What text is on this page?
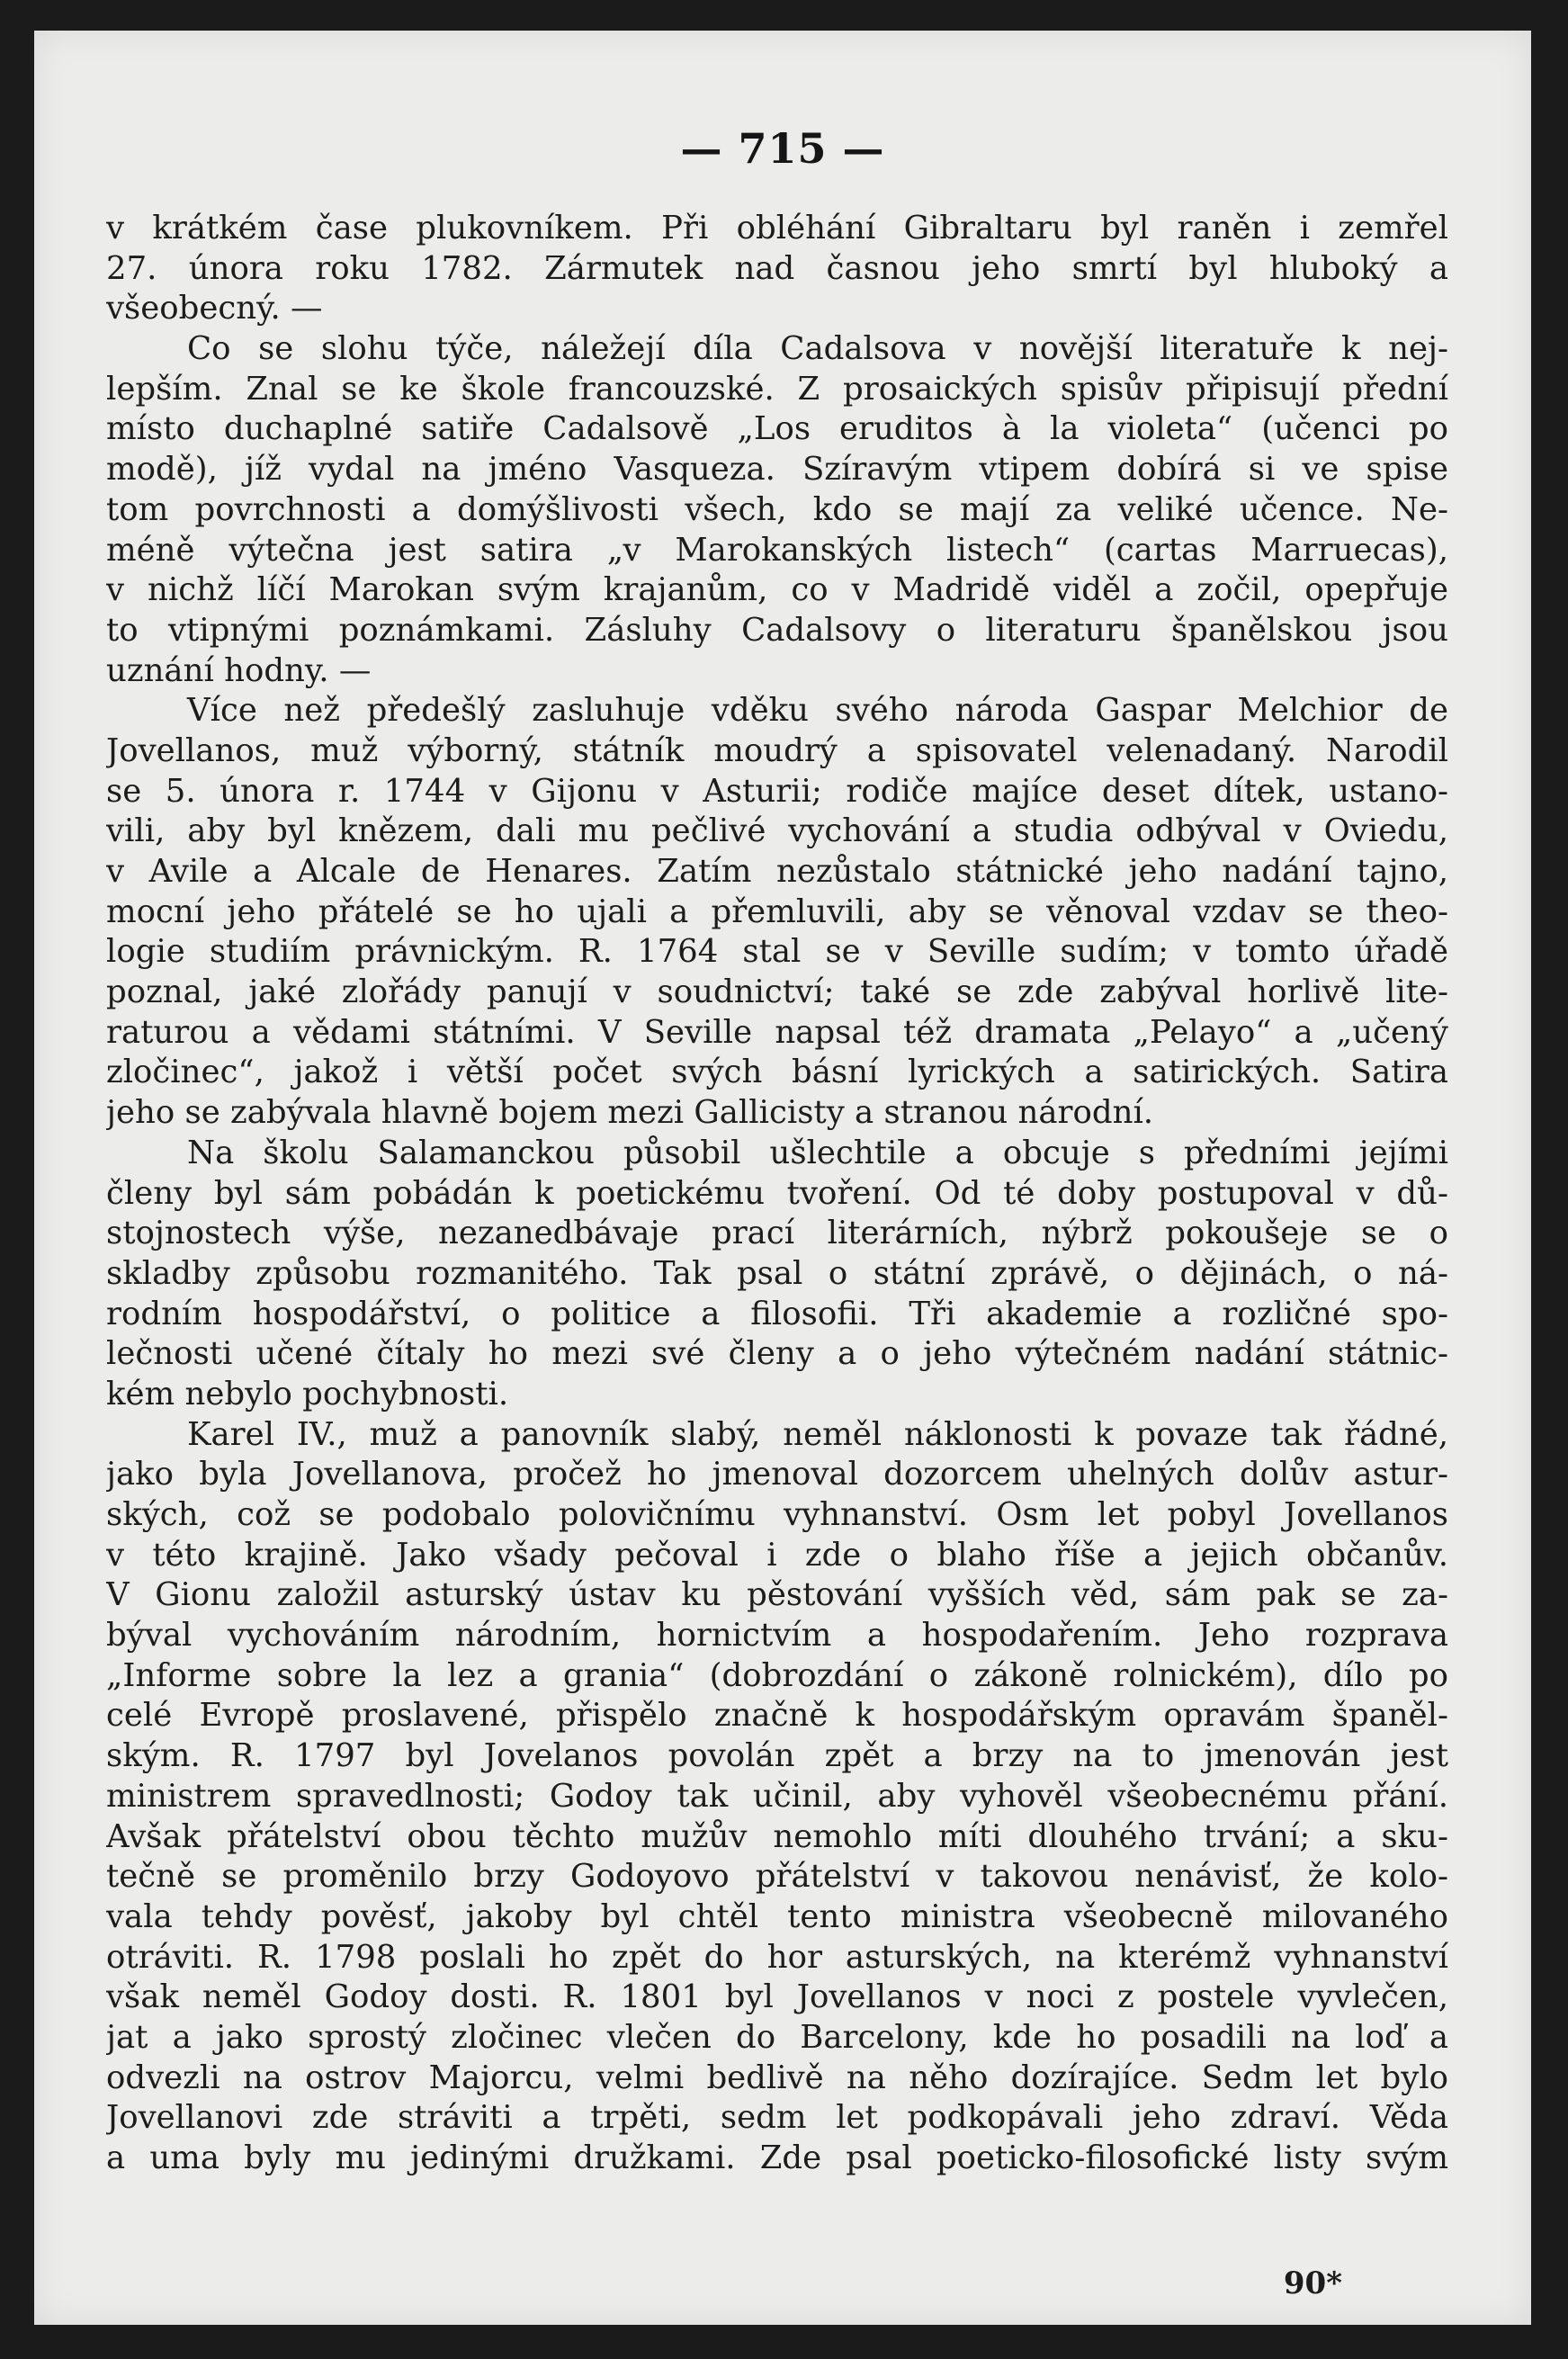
— 715 —
v krátkém čase plukovníkem. Při obléhání Gibraltaru byl raněn i zemřel
27. února roku 1782. Zármutek nad časnou jeho smrtí byl hluboký a
všeobecný. —
Co se slohu týče, náležejí díla Cadalsova v novější literatuře k nej-
lepším. Znal se ke škole francouzské. Z prosaických spisův připisují přední
místo duchaplné satiře Cadalsově „Los eruditos à la violeta“ (učenci po
modě), jíž vydal na jméno Vasqueza. Szíravým vtipem dobírá si ve spise
tom povrchnosti a domýšlivosti všech, kdo se mají za veliké učence. Ne-
méně výtečna jest satira „v Marokanských listech“ (cartas Marruecas),
v nichž líčí Marokan svým krajanům, co v Madridě viděl a zočil, opepřuje
to vtipnými poznámkami. Zásluhy Cadalsovy o literaturu španělskou jsou
uznání hodny. —
Více než předešlý zasluhuje vděku svého národa Gaspar Melchior de
Jovellanos, muž výborný, státník moudrý a spisovatel velenadaný. Narodil
se 5. února r. 1744 v Gijonu v Asturii; rodiče majíce deset dítek, ustano-
vili, aby byl knězem, dali mu pečlivé vychování a studia odbýval v Oviedu,
v Avile a Alcale de Henares. Zatím nezůstalo státnické jeho nadání tajno,
mocní jeho přátelé se ho ujali a přemluvili, aby se věnoval vzdav se theo-
logie studiím právnickým. R. 1764 stal se v Seville sudím; v tomto úřadě
poznal, jaké zlořády panují v soudnictví; také se zde zabýval horlivě lite-
raturou a vědami státními. V Seville napsal též dramata „Pelayo“ a „učený
zločinec“, jakož i větší počet svých básní lyrických a satirických. Satira
jeho se zabývala hlavně bojem mezi Gallicisty a stranou národní.
Na školu Salamanckou působil ušlechtile a obcuje s předními jejími
členy byl sám pobádán k poetickému tvoření. Od té doby postupoval v dů-
stojnostech výše, nezanedbávaje prací literárních, nýbrž pokoušeje se o
skladby způsobu rozmanitého. Tak psal o státní zprávě, o dějinách, o ná-
rodním hospodářství, o politice a filosofii. Tři akademie a rozličné spo-
lečnosti učené čítaly ho mezi své členy a o jeho výtečném nadání státnic-
kém nebylo pochybnosti.
Karel IV., muž a panovník slabý, neměl náklonosti k povaze tak řádné,
jako byla Jovellanova, pročež ho jmenoval dozorcem uhelných dolův astur-
ských, což se podobalo polovičnímu vyhnanství. Osm let pobyl Jovellanos
v této krajině. Jako všady pečoval i zde o blaho říše a jejich občanův.
V Gionu založil asturský ústav ku pěstování vyšších věd, sám pak se za-
býval vychováním národním, hornictvím a hospodařením. Jeho rozprava
„Informe sobre la lez a grania“ (dobrozdání o zákoně rolnickém), dílo po
celé Evropě proslavené, přispělo značně k hospodářským opravám španěl-
ským. R. 1797 byl Jovelanos povolán zpět a brzy na to jmenován jest
ministrem spravedlnosti; Godoy tak učinil, aby vyhověl všeobecnému přání.
Avšak přátelství obou těchto mužův nemohlo míti dlouhého trvání; a sku-
tečně se proměnilo brzy Godoyovo přátelství v takovou nenávisť, že kolo-
vala tehdy pověsť, jakoby byl chtěl tento ministra všeobecně milovaného
otráviti. R. 1798 poslali ho zpět do hor asturských, na kterémž vyhnanství
však neměl Godoy dosti. R. 1801 byl Jovellanos v noci z postele vyvlečen,
jat a jako sprostý zločinec vlečen do Barcelony, kde ho posadili na loď a
odvezli na ostrov Majorcu, velmi bedlivě na něho dozírajíce. Sedm let bylo
Jovellanovi zde stráviti a trpěti, sedm let podkopávali jeho zdraví. Věda
a uma byly mu jedinými družkami. Zde psal poeticko-filosofické listy svým
90*
